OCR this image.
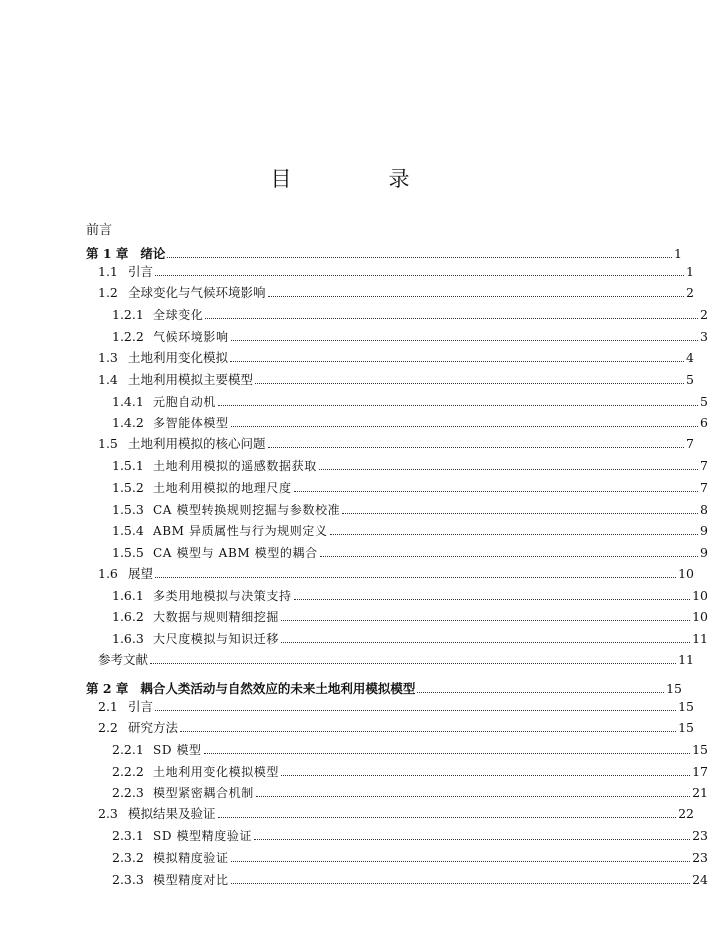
目　录
前言
第 1 章 绪论	1
1.1 引言	1
1.2 全球变化与气候环境影响	2
1.2.1 全球变化	2
1.2.2 气候环境影响	3
1.3 土地利用变化模拟	4
1.4 土地利用模拟主要模型	5
1.4.1 元胞自动机	5
1.4.2 多智能体模型	6
1.5 土地利用模拟的核心问题	7
1.5.1 土地利用模拟的遥感数据获取	7
1.5.2 土地利用模拟的地理尺度	7
1.5.3 CA 模型转换规则挖掘与参数校准	8
1.5.4 ABM 异质属性与行为规则定义	9
1.5.5 CA 模型与 ABM 模型的耦合	9
1.6 展望	10
1.6.1 多类用地模拟与决策支持	10
1.6.2 大数据与规则精细挖掘	10
1.6.3 大尺度模拟与知识迁移	11
参考文献	11
第 2 章 耦合人类活动与自然效应的未来土地利用模拟模型	15
2.1 引言	15
2.2 研究方法	15
2.2.1 SD 模型	15
2.2.2 土地利用变化模拟模型	17
2.2.3 模型紧密耦合机制	21
2.3 模拟结果及验证	22
2.3.1 SD 模型精度验证	23
2.3.2 模拟精度验证	23
2.3.3 模型精度对比	24
